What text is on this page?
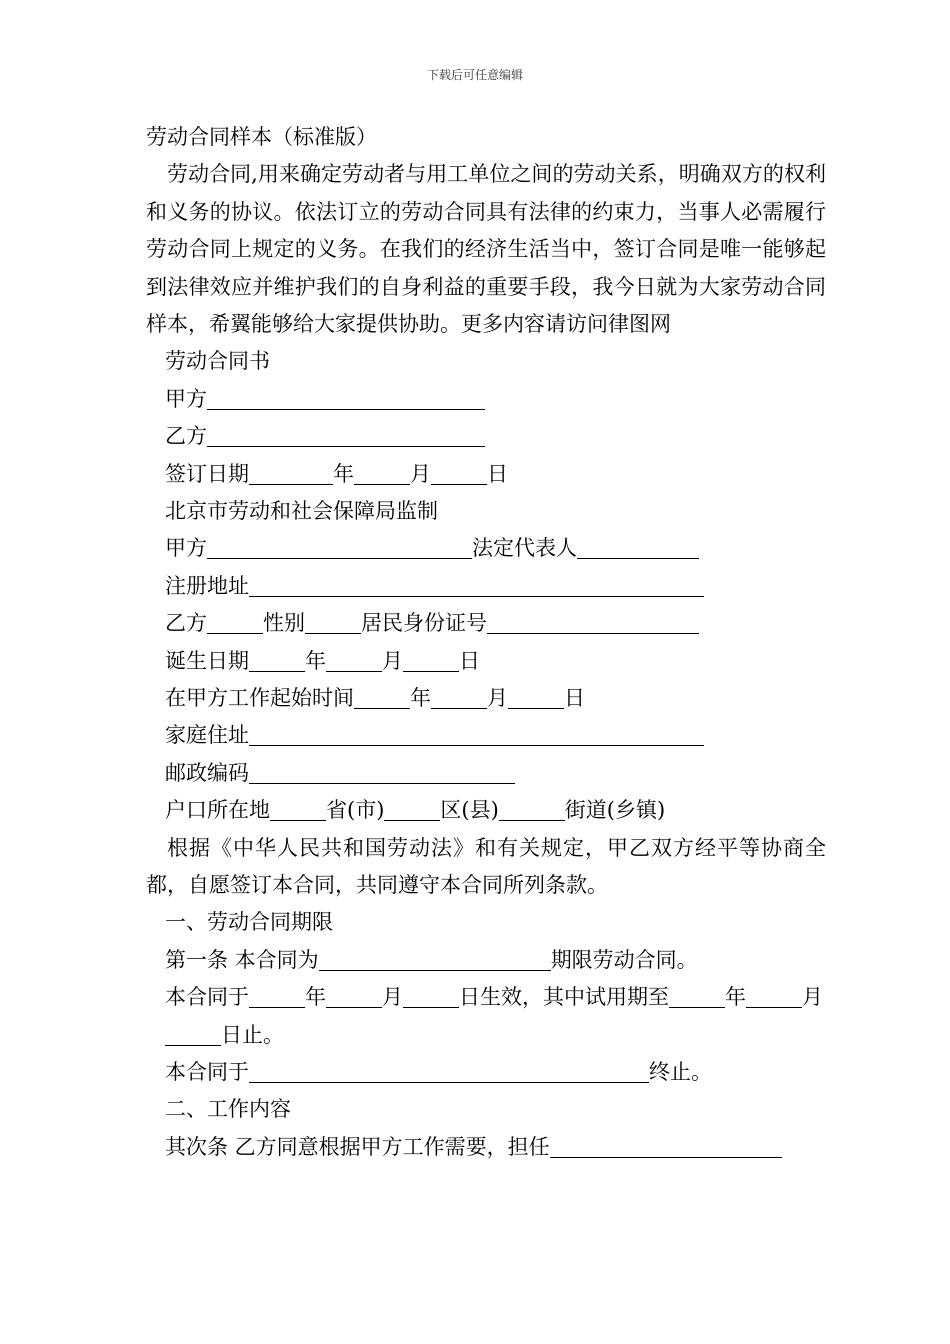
下载后可任意编辑
劳动合同样本（标准版）

劳动合同,用来确定劳动者与用工单位之间的劳动关系，明确双方的权利和义务的协议。依法订立的劳动合同具有法律的约束力，当事人必需履行劳动合同上规定的义务。在我们的经济生活当中，签订合同是唯一能够起到法律效应并维护我们的自身利益的重要手段，我今日就为大家劳动合同样本，希翼能够给大家提供协助。更多内容请访问律图网

劳动合同书
甲方
乙方
签订日期	年	月	日
北京市劳动和社会保障局监制
甲方	法定代表人
注册地址
乙方	性别	居民身份证号
诞生日期	年	月	日
在甲方工作起始时间	年	月	日
家庭住址
邮政编码
户口所在地	省(市)	区(县)	街道(乡镇)

根据《中华人民共和国劳动法》和有关规定，甲乙双方经平等协商全都，自愿签订本合同，共同遵守本合同所列条款。

一、劳动合同期限
第一条 本合同为	期限劳动合同。
本合同于	年	月	日生效，其中试用期至	年	月日止。
本合同于	终止。
二、工作内容
其次条 乙方同意根据甲方工作需要，担任
